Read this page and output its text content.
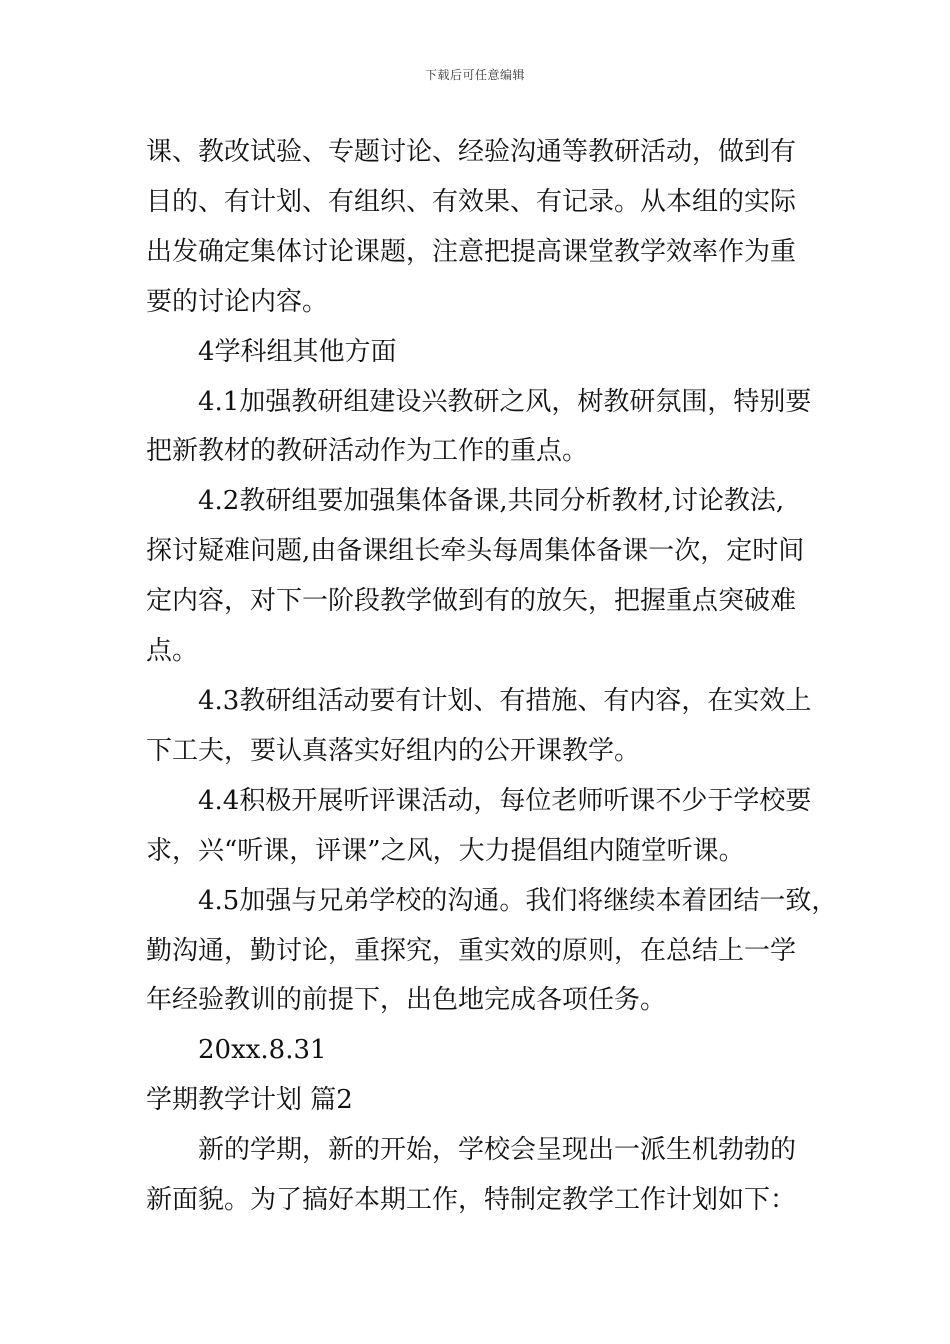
下载后可任意编辑

课、教改试验、专题讨论、经验沟通等教研活动，做到有
目的、有计划、有组织、有效果、有记录。从本组的实际
出发确定集体讨论课题，注意把提高课堂教学效率作为重
要的讨论内容。

4学科组其他方面

4.1加强教研组建设兴教研之风，树教研氛围，特别要
把新教材的教研活动作为工作的重点。

4.2教研组要加强集体备课,共同分析教材,讨论教法,
探讨疑难问题,由备课组长牵头每周集体备课一次，定时间
定内容，对下一阶段教学做到有的放矢，把握重点突破难
点。

4.3教研组活动要有计划、有措施、有内容，在实效上
下工夫，要认真落实好组内的公开课教学。

4.4积极开展听评课活动，每位老师听课不少于学校要
求，兴“听课，评课”之风，大力提倡组内随堂听课。

4.5加强与兄弟学校的沟通。我们将继续本着团结一致，
勤沟通，勤讨论，重探究，重实效的原则，在总结上一学
年经验教训的前提下，出色地完成各项任务。

20xx.8.31

学期教学计划 篇2

新的学期，新的开始，学校会呈现出一派生机勃勃的
新面貌。为了搞好本期工作，特制定教学工作计划如下：
